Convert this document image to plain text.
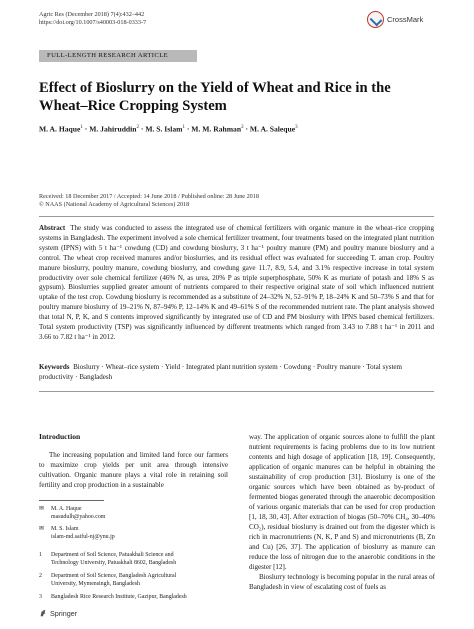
Agric Res (December 2018) 7(4):432–442
https://doi.org/10.1007/s40003-018-0333-7	CrossMark
FULL-LENGTH RESEARCH ARTICLE
Effect of Bioslurry on the Yield of Wheat and Rice in the Wheat–Rice Cropping System
M. A. Haque$^1$ · M. Jahiruddin$^2$ · M. S. Islam$^1$ · M. M. Rahman$^2$ · M. A. Saleque$^3$
Received: 18 December 2017 / Accepted: 14 June 2018 / Published online: 28 June 2018
© NAAS (National Academy of Agricultural Sciences) 2018
Abstract The study was conducted to assess the integrated use of chemical fertilizers with organic manure in the wheat–rice cropping systems in Bangladesh. The experiment involved a sole chemical fertilizer treatment, four treatments based on the integrated plant nutrition system (IPNS) with 5 t ha⁻¹ cowdung (CD) and cowdung bioslurry, 3 t ha⁻¹ poultry manure (PM) and poultry manure bioslurry and a control. The wheat crop received manures and/or bioslurries, and its residual effect was evaluated for succeeding T. aman crop. Poultry manure bioslurry, poultry manure, cowdung bioslurry, and cowdung gave 11.7, 8.9, 5.4, and 3.1% respective increase in total system productivity over sole chemical fertilizer (46% N, as urea, 20% P as triple superphosphate, 50% K as muriate of potash and 18% S as gypsum). Bioslurries supplied greater amount of nutrients compared to their respective original state of soil which influenced nutrient uptake of the test crop. Cowdung bioslurry is recommended as a substitute of 24–32% N, 52–91% P, 18–24% K and 50–73% S and that for poultry manure bioslurry of 19–21% N, 87–94% P, 12–14% K and 49–61% S of the recommended nutrient rate. The plant analysis showed that total N, P, K, and S contents improved significantly by integrated use of CD and PM bioslurry with IPNS based chemical fertilizers. Total system productivity (TSP) was significantly influenced by different treatments which ranged from 3.43 to 7.88 t ha⁻¹ in 2011 and 3.66 to 7.82 t ha⁻¹ in 2012.
Keywords Bioslurry · Wheat–rice system · Yield · Integrated plant nutrition system · Cowdung · Poultry manure · Total system productivity · Bangladesh
Introduction

The increasing population and limited land force our farmers to maximize crop yields per unit area through intensive cultivation. Organic manure plays a vital role in retaining soil fertility and crop production in a sustainable

✉ M. A. Haque
masudulh@yahoo.com
✉ M. S. Islam
islam-md.saiful-nj@ynu.jp
1 Department of Soil Science, Patuakhali Science and
Technology University, Patuakhali 8602, Bangladesh
2 Department of Soil Science, Bangladesh Agricultural
University, Mymensingh, Bangladesh
3 Bangladesh Rice Research Institute, Gazipur, Bangladesh

way. The application of organic sources alone to fulfill the plant nutrient requirements is facing problems due to its low nutrient contents and high dosage of application [18, 19]. Consequently, application of organic manures can be helpful in obtaining the sustainability of crop production [31]. Bioslurry is one of the organic sources which have been obtained as by-product of fermented biogas generated through the anaerobic decomposition of various organic materials that can be used for crop production [1, 18, 30, 43]. After extraction of biogas (50–70% CH₄, 30–40% CO₂), residual bioslurry is drained out from the digester which is rich in macronutrients (N, K, P and S) and micronutrients (B, Zn and Cu) [26, 37]. The application of bioslurry as manure can reduce the loss of nitrogen due to the anaerobic conditions in the digester [12].

Bioslurry technology is becoming popular in the rural areas of Bangladesh in view of escalating cost of fuels as

Springer
